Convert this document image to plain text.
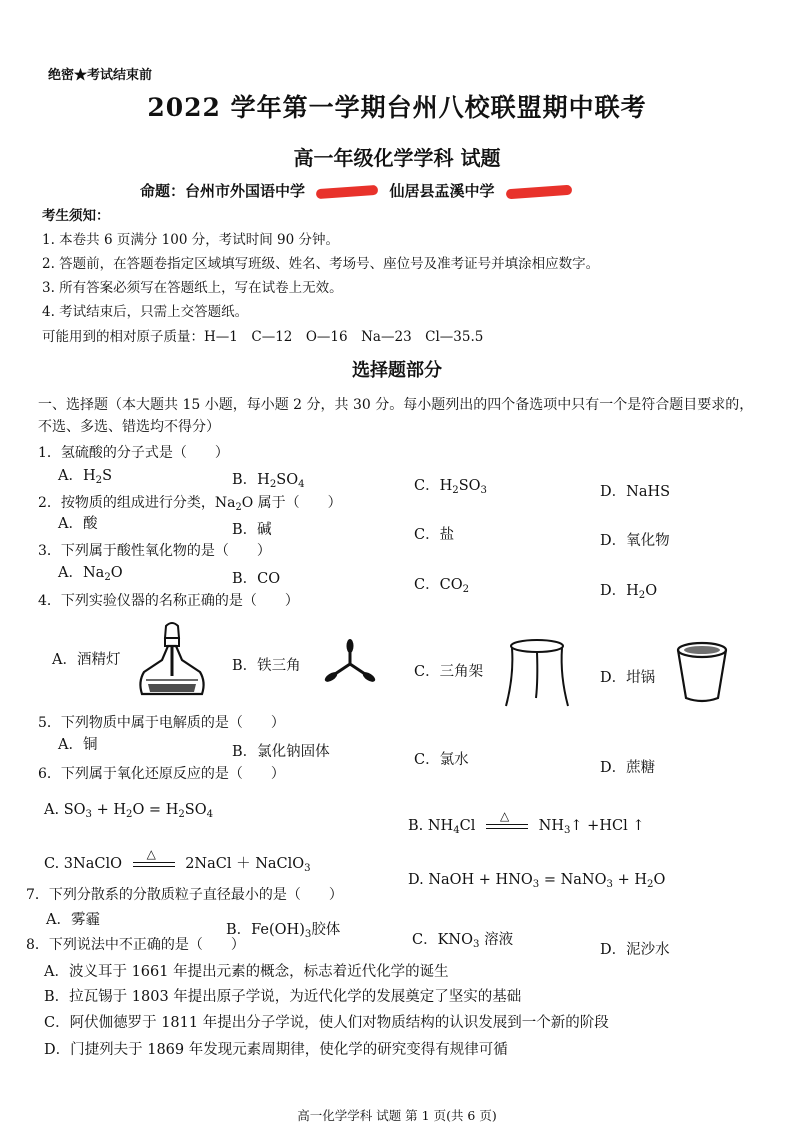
绝密★考试结束前
2022 学年第一学期台州八校联盟期中联考
高一年级化学学科 试题
命题：台州市外国语中学	仙居县盂溪中学
考生须知：
1. 本卷共 6 页满分 100 分，考试时间 90 分钟。
2. 答题前，在答题卷指定区域填写班级、姓名、考场号、座位号及准考证号并填涂相应数字。
3. 所有答案必须写在答题纸上，写在试卷上无效。
4. 考试结束后，只需上交答题纸。
可能用到的相对原子质量：H—1　C—12　O—16　Na—23　Cl—35.5
选择题部分
一、选择题（本大题共 15 小题，每小题 2 分，共 30 分。每小题列出的四个备选项中只有一个是符合题目要求的，不选、多选、错选均不得分）
1．氢硫酸的分子式是（　　）
A．$H_2S$	B．$H_2SO_4$	C．$H_2SO_3$	D．NaHS
2．按物质的组成进行分类，$Na_2O$ 属于（　　）
A．酸	B．碱	C．盐	D．氧化物
3．下列属于酸性氧化物的是（　　）
A．$Na_2O$	B．CO	C．$CO_2$	D．$H_2O$
4．下列实验仪器的名称正确的是（　　）
A．酒精灯	B．铁三角	C．三角架	D．坩锅
5．下列物质中属于电解质的是（　　）
A．铜	B．氯化钠固体	C．氯水	D．蔗糖
6．下列属于氧化还原反应的是（　　）
A. $SO_3 + H_2O = H_2SO_4$
B. $NH_4Cl$
△
$NH_3↑ +HCl$ ↑
C. 3NaClO
△
2NaCl ＋ NaClO$_3$
D. NaOH + $HNO_3$ = NaNO$_3$ + $H_2O$
7．下列分散系的分散质粒子直径最小的是（　　）
A．雾霾
B．$Fe(OH)_3$胶体
C．$KNO_3$ 溶液
D．泥沙水
8．下列说法中不正确的是（　　）
A．波义耳于 1661 年提出元素的概念，标志着近代化学的诞生
B．拉瓦锡于 1803 年提出原子学说，为近代化学的发展奠定了坚实的基础
C．阿伏伽德罗于 1811 年提出分子学说，使人们对物质结构的认识发展到一个新的阶段
D．门捷列夫于 1869 年发现元素周期律，使化学的研究变得有规律可循
高一化学学科 试题 第 1 页(共 6 页)
